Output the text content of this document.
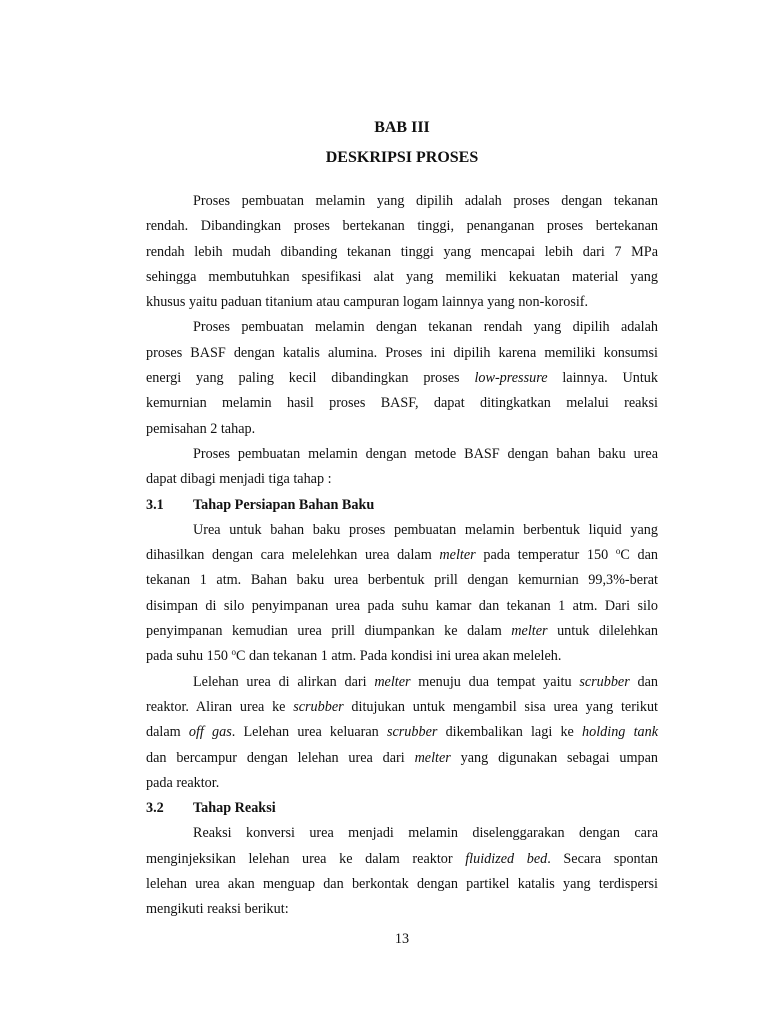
BAB III
DESKRIPSI PROSES
Proses pembuatan melamin yang dipilih adalah proses dengan tekanan
rendah. Dibandingkan proses bertekanan tinggi, penanganan proses bertekanan
rendah lebih mudah dibanding tekanan tinggi yang mencapai lebih dari 7 MPa
sehingga membutuhkan spesifikasi alat yang memiliki kekuatan material yang
khusus yaitu paduan titanium atau campuran logam lainnya yang non-korosif.
Proses pembuatan melamin dengan tekanan rendah yang dipilih adalah
proses BASF dengan katalis alumina. Proses ini dipilih karena memiliki konsumsi
energi yang paling kecil dibandingkan proses low-pressure lainnya. Untuk
kemurnian melamin hasil proses BASF, dapat ditingkatkan melalui reaksi
pemisahan 2 tahap.
Proses pembuatan melamin dengan metode BASF dengan bahan baku urea
dapat dibagi menjadi tiga tahap :
3.1 Tahap Persiapan Bahan Baku
Urea untuk bahan baku proses pembuatan melamin berbentuk liquid yang
dihasilkan dengan cara melelehkan urea dalam melter pada temperatur 150 $^o$C dan
tekanan 1 atm. Bahan baku urea berbentuk prill dengan kemurnian 99,3%-berat
disimpan di silo penyimpanan urea pada suhu kamar dan tekanan 1 atm. Dari silo
penyimpanan kemudian urea prill diumpankan ke dalam melter untuk dilelehkan
pada suhu 150 $^o$C dan tekanan 1 atm. Pada kondisi ini urea akan meleleh.
Lelehan urea di alirkan dari melter menuju dua tempat yaitu scrubber dan
reaktor. Aliran urea ke scrubber ditujukan untuk mengambil sisa urea yang terikut
dalam off gas. Lelehan urea keluaran scrubber dikembalikan lagi ke holding tank
dan bercampur dengan lelehan urea dari melter yang digunakan sebagai umpan
pada reaktor.
3.2 Tahap Reaksi
Reaksi konversi urea menjadi melamin diselenggarakan dengan cara
menginjeksikan lelehan urea ke dalam reaktor fluidized bed. Secara spontan
lelehan urea akan menguap dan berkontak dengan partikel katalis yang terdispersi
mengikuti reaksi berikut:
13
